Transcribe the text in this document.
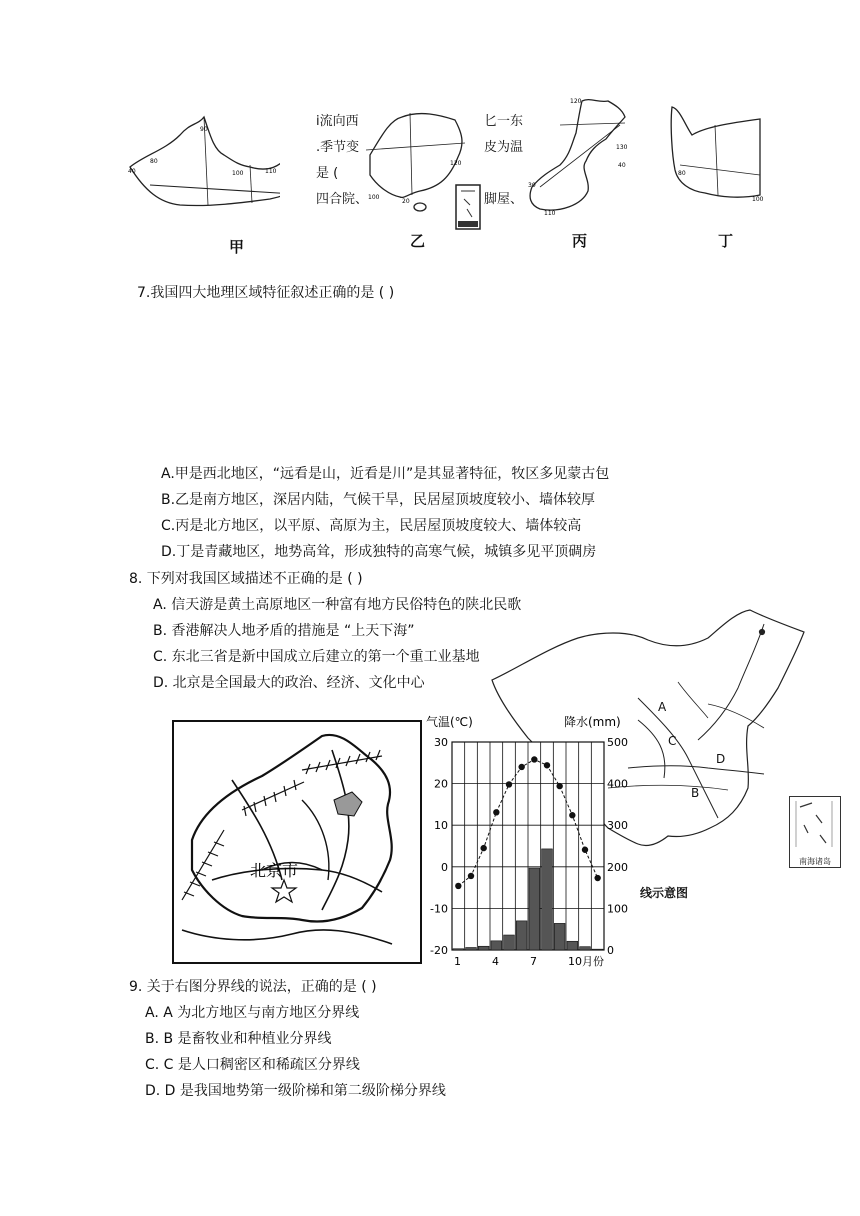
40
80
90
100	110
120
100
20
120
130
40
30
110
80
100
i流向西
.季节变
是 (
四合院、
匕一东
皮为温
脚屋、
甲	乙	丙	丁
7.我国四大地理区域特征叙述正确的是 ( )
A.甲是西北地区，“远看是山，近看是川”是其显著特征，牧区多见蒙古包
B.乙是南方地区，深居内陆，气候干旱，民居屋顶坡度较小、墙体较厚
C.丙是北方地区，以平原、高原为主，民居屋顶坡度较大、墙体较高
D.丁是青藏地区，地势高耸，形成独特的高寒气候，城镇多见平顶碉房
A
B
C
D
南海诸岛
线示意图
8. 下列对我国区域描述不正确的是 ( )
A. 信天游是黄土高原地区一种富有地方民俗特色的陕北民歌
B. 香港解决人地矛盾的措施是 “上天下海”
C. 东北三省是新中国成立后建立的第一个重工业基地
D. 北京是全国最大的政治、经济、文化中心
北京市
气温(℃)	降水(mm)
30
20
10
0
-10
-20
500
400
300
200
100
0
1	4	7	10月份
9. 关于右图分界线的说法，正确的是 ( )
A. A 为北方地区与南方地区分界线
B. B 是畜牧业和种植业分界线
C. C 是人口稠密区和稀疏区分界线
D. D 是我国地势第一级阶梯和第二级阶梯分界线
